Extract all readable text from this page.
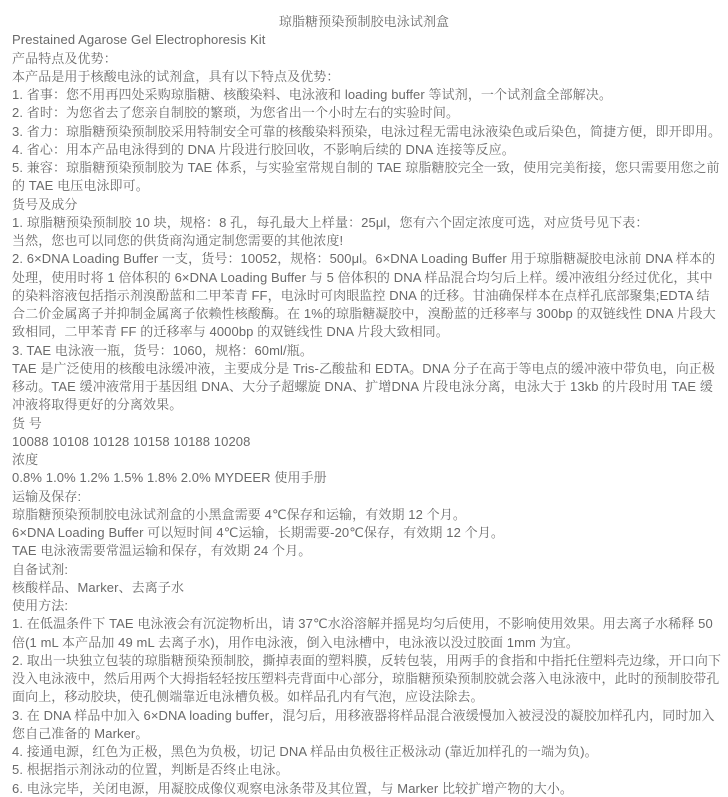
琼脂糖预染预制胶电泳试剂盒
Prestained Agarose Gel Electrophoresis Kit
产品特点及优势：
本产品是用于核酸电泳的试剂盒，具有以下特点及优势：
1. 省事：您不用再四处采购琼脂糖、核酸染料、电泳液和 loading buffer 等试剂，一个试剂盒全部解决。
2. 省时：为您省去了您亲自制胶的繁琐，为您省出一个小时左右的实验时间。
3. 省力：琼脂糖预染预制胶采用特制安全可靠的核酸染料预染，电泳过程无需电泳液染色或后染色，简捷方便，即开即用。
4. 省心：用本产品电泳得到的 DNA 片段进行胶回收，不影响后续的 DNA 连接等反应。
5. 兼容：琼脂糖预染预制胶为 TAE 体系，与实验室常规自制的 TAE 琼脂糖胶完全一致，使用完美衔接，您只需要用您之前
的 TAE 电压电泳即可。
货号及成分
1. 琼脂糖预染预制胶 10 块，规格：8 孔，每孔最大上样量：25μl，您有六个固定浓度可选，对应货号见下表：
当然，您也可以同您的供货商沟通定制您需要的其他浓度!
2. 6×DNA Loading Buffer 一支，货号：10052，规格：500μl。6×DNA Loading Buffer 用于琼脂糖凝胶电泳前 DNA 样本的
处理，使用时将 1 倍体积的 6×DNA Loading Buffer 与 5 倍体积的 DNA 样品混合均匀后上样。缓冲液组分经过优化，其中
的染料溶液包括指示剂溴酚蓝和二甲苯青 FF，电泳时可肉眼监控 DNA 的迁移。甘油确保样本在点样孔底部聚集;EDTA 结
合二价金属离子并抑制金属离子依赖性核酸酶。在 1%的琼脂糖凝胶中，溴酚蓝的迁移率与 300bp 的双链线性 DNA 片段大
致相同，二甲苯青 FF 的迁移率与 4000bp 的双链线性 DNA 片段大致相同。
3. TAE 电泳液一瓶，货号：1060，规格：60ml/瓶。
TAE 是广泛使用的核酸电泳缓冲液，主要成分是 Tris-乙酸盐和 EDTA。DNA 分子在高于等电点的缓冲液中带负电，向正极
移动。TAE 缓冲液常用于基因组 DNA、大分子超螺旋 DNA、扩增DNA 片段电泳分离，电泳大于 13kb 的片段时用 TAE 缓
冲液将取得更好的分离效果。
货 号
10088 10108 10128 10158 10188 10208
浓度
0.8% 1.0% 1.2% 1.5% 1.8% 2.0% MYDEER 使用手册
运输及保存:
琼脂糖预染预制胶电泳试剂盒的小黑盒需要 4℃保存和运输，有效期 12 个月。
6×DNA Loading Buffer 可以短时间 4℃运输，长期需要-20℃保存，有效期 12 个月。
TAE 电泳液需要常温运输和保存，有效期 24 个月。
自备试剂:
核酸样品、Marker、去离子水
使用方法:
1. 在低温条件下 TAE 电泳液会有沉淀物析出，请 37℃水浴溶解并摇晃均匀后使用，不影响使用效果。用去离子水稀释 50
倍(1 mL 本产品加 49 mL 去离子水)，用作电泳液，倒入电泳槽中，电泳液以没过胶面 1mm 为宜。
2. 取出一块独立包装的琼脂糖预染预制胶，撕掉表面的塑料膜，反转包装，用两手的食指和中指托住塑料壳边缘，开口向下
没入电泳液中，然后用两个大拇指轻轻按压塑料壳背面中心部分，琼脂糖预染预制胶就会落入电泳液中，此时的预制胶带孔
面向上，移动胶块，使孔侧端靠近电泳槽负极。如样品孔内有气泡，应设法除去。
3. 在 DNA 样品中加入 6×DNA loading buffer，混匀后，用移液器将样品混合液缓慢加入被浸没的凝胶加样孔内，同时加入
您自己准备的 Marker。
4. 接通电源，红色为正极，黑色为负极，切记 DNA 样品由负极往正极泳动 (靠近加样孔的一端为负)。
5. 根据指示剂泳动的位置，判断是否终止电泳。
6. 电泳完毕，关闭电源，用凝胶成像仪观察电泳条带及其位置，与 Marker 比较扩增产物的大小。
